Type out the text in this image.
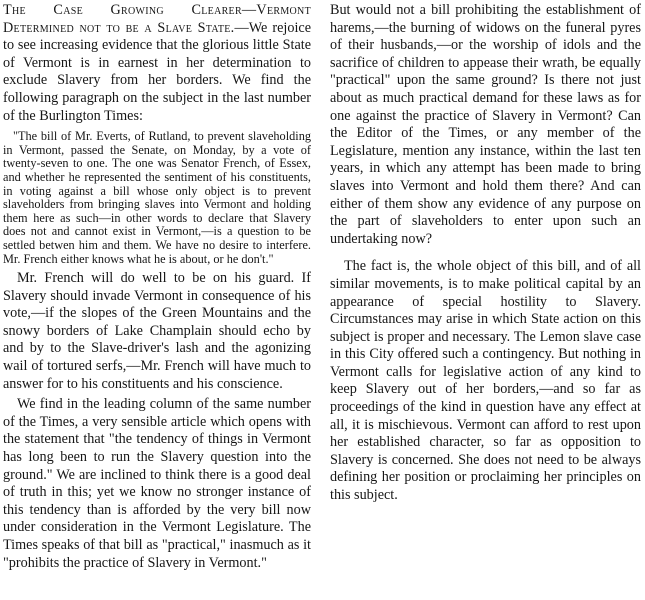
The Case Growing Clearer—Vermont Determined not to be a Slave State.—We rejoice to see increasing evidence that the glorious little State of Vermont is in earnest in her determination to exclude Slavery from her borders. We find the following paragraph on the subject in the last number of the Burlington Times:

"The bill of Mr. Everts, of Rutland, to prevent slaveholding in Vermont, passed the Senate, on Monday, by a vote of twenty-seven to one. The one was Senator French, of Essex, and whether he represented the sentiment of his constituents, in voting against a bill whose only object is to prevent slaveholders from bringing slaves into Vermont and holding them here as such—in other words to declare that Slavery does not and cannot exist in Vermont,—is a question to be settled betwen him and them. We have no desire to interfere. Mr. French either knows what he is about, or he don't."

Mr. French will do well to be on his guard. If Slavery should invade Vermont in consequence of his vote,—if the slopes of the Green Mountains and the snowy borders of Lake Champlain should echo by and by to the Slave-driver's lash and the agonizing wail of tortured serfs,—Mr. French will have much to answer for to his constituents and his conscience.

We find in the leading column of the same number of the Times, a very sensible article which opens with the statement that "the tendency of things in Vermont has long been to run the Slavery question into the ground." We are inclined to think there is a good deal of truth in this; yet we know no stronger instance of this tendency than is afforded by the very bill now under consideration in the Vermont Legislature. The Times speaks of that bill as "practical," inasmuch as it "prohibits the practice of Slavery in Vermont."

But would not a bill prohibiting the establishment of harems,—the burning of widows on the funeral pyres of their husbands,—or the worship of idols and the sacrifice of children to appease their wrath, be equally "practical" upon the same ground? Is there not just about as much practical demand for these laws as for one against the practice of Slavery in Vermont? Can the Editor of the Times, or any member of the Legislature, mention any instance, within the last ten years, in which any attempt has been made to bring slaves into Vermont and hold them there? And can either of them show any evidence of any purpose on the part of slaveholders to enter upon such an undertaking now?

The fact is, the whole object of this bill, and of all similar movements, is to make political capital by an appearance of special hostility to Slavery. Circumstances may arise in which State action on this subject is proper and necessary. The Lemon slave case in this City offered such a contingency. But nothing in Vermont calls for legislative action of any kind to keep Slavery out of her borders,—and so far as proceedings of the kind in question have any effect at all, it is mischievous. Vermont can afford to rest upon her established character, so far as opposition to Slavery is concerned. She does not need to be always defining her position or proclaiming her principles on this subject.
